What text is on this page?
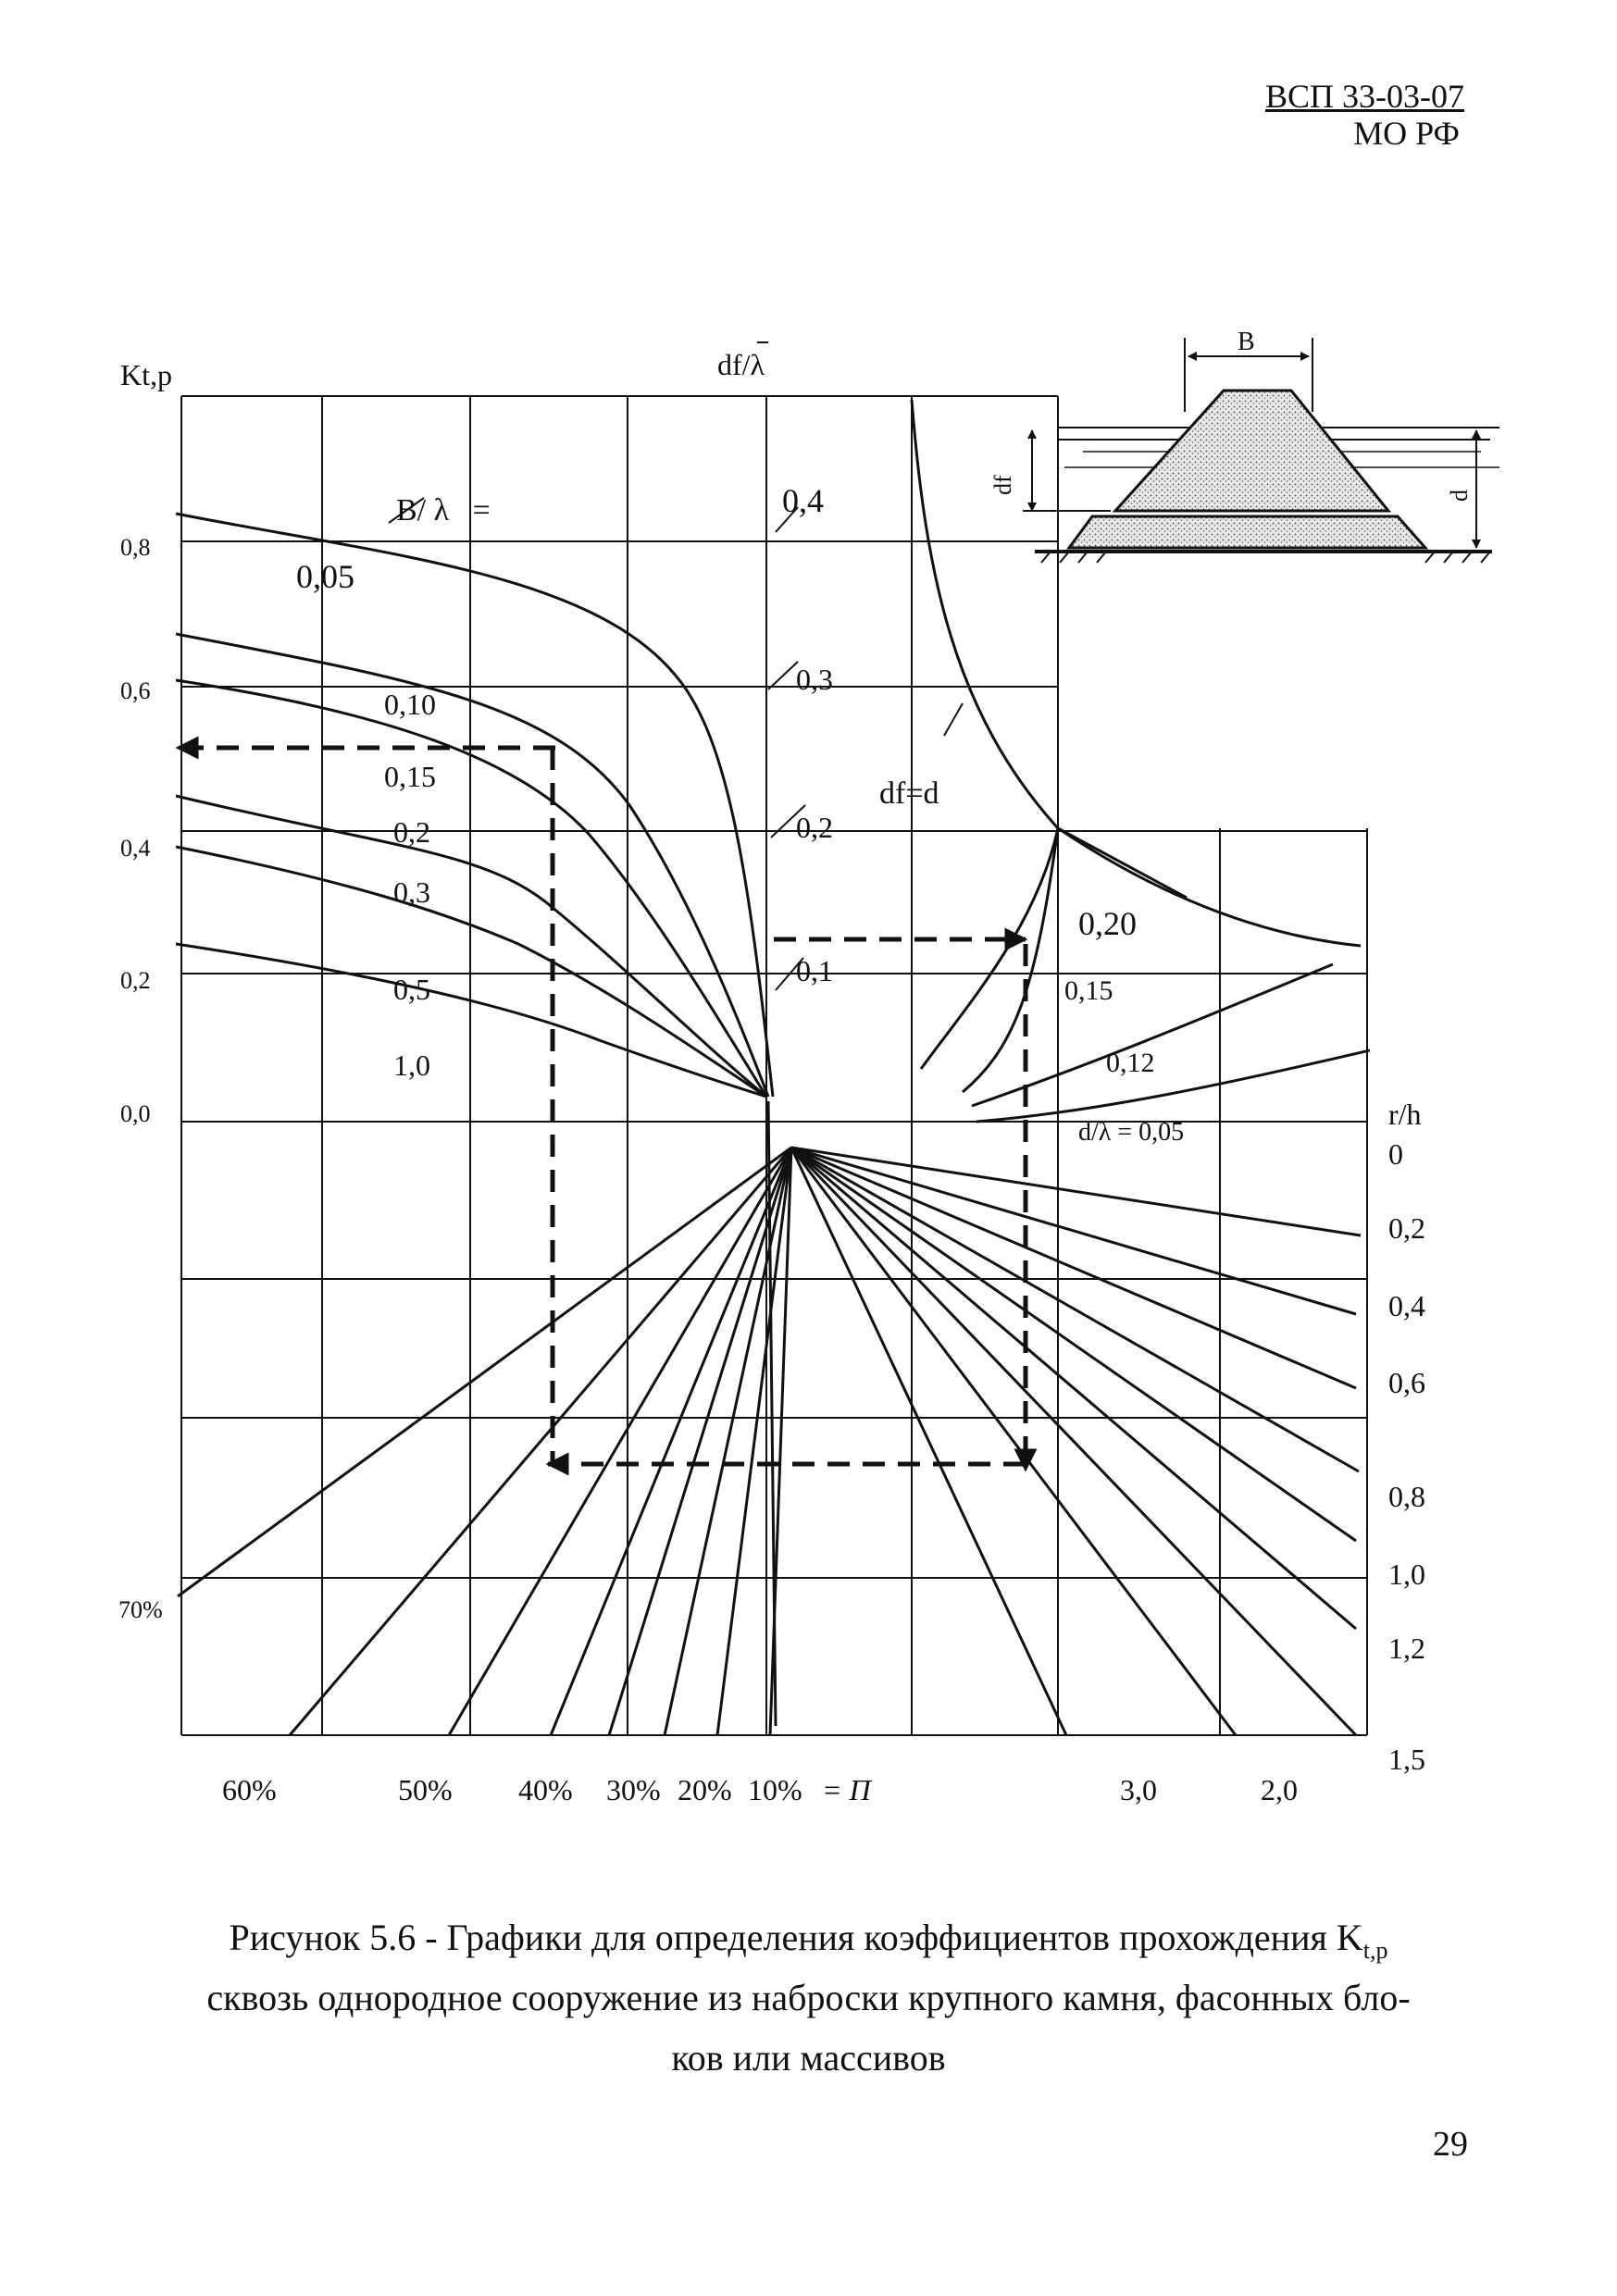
ВСП 33-03-07
МО РФ
Kt,p	df/λ
0,8
0,6
0,4
0,2
0,0
B/ λ   =
0,05
0,10
0,15
0,2
0,3
0,5
1,0
0,4
0,3
0,2
0,1
df=d
0,20
0,15
0,12
d/λ = 0,05
r/h
0
0,2
0,4
0,6
0,8
1,0
1,2
1,5
70%
60%	50% 40% 30% 20% 10% = П	3,0	2,0
B
df
d
Рисунок 5.6 - Графики для определения коэффициентов прохождения $K_{t,p}$
сквозь однородное сооружение из наброски крупного камня, фасонных бло-
ков или массивов
29
